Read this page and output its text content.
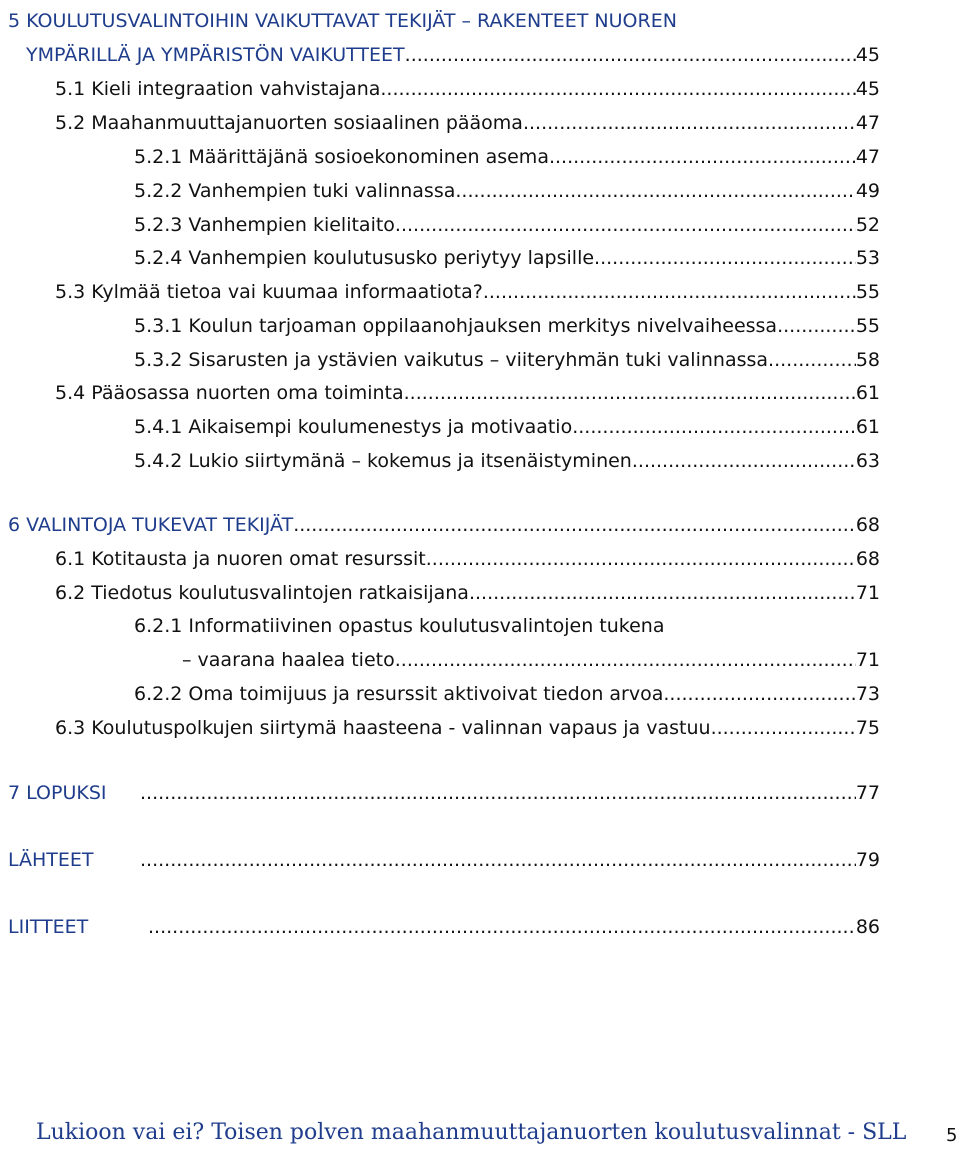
5 KOULUTUSVALINTOIHIN VAIKUTTAVAT TEKIJÄT – RAKENTEET NUOREN
YMPÄRILLÄ JA YMPÄRISTÖN VAIKUTTEET .....	45
5.1 Kieli integraation vahvistajana .....	45
5.2 Maahanmuuttajanuorten sosiaalinen pääoma .....	47
5.2.1 Määrittäjänä sosioekonominen asema .....	47
5.2.2 Vanhempien tuki valinnassa .....	49
5.2.3 Vanhempien kielitaito .....	52
5.2.4 Vanhempien koulutususko periytyy lapsille .....	53
5.3 Kylmää tietoa vai kuumaa informaatiota? .....	55
5.3.1 Koulun tarjoaman oppilaanohjauksen merkitys nivelvaiheessa .....	55
5.3.2 Sisarusten ja ystävien vaikutus – viiteryhmän tuki valinnassa .....	58
5.4 Pääosassa nuorten oma toiminta .....	61
5.4.1 Aikaisempi koulumenestys ja motivaatio .....	61
5.4.2 Lukio siirtymänä – kokemus ja itsenäistyminen .....	63
6 VALINTOJA TUKEVAT TEKIJÄT .....	68
6.1 Kotitausta ja nuoren omat resurssit .....	68
6.2 Tiedotus koulutusvalintojen ratkaisijana .....	71
6.2.1 Informatiivinen opastus koulutusvalintojen tukena
– vaarana haalea tieto .....	71
6.2.2 Oma toimijuus ja resurssit aktivoivat tiedon arvoa .....	73
6.3 Koulutuspolkujen siirtymä haasteena - valinnan vapaus ja vastuu .....	75
7 LOPUKSI .....	77
LÄHTEET .....	79
LIITTEET .....	86
Lukioon vai ei? Toisen polven maahanmuuttajanuorten koulutusvalinnat - SLL 5
